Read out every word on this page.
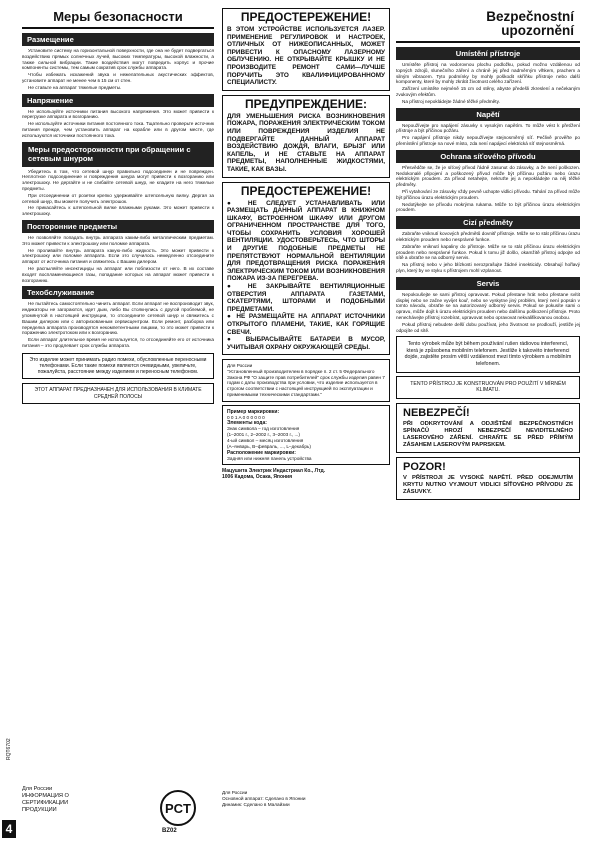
Меры безопасности
Размещение
Установите систему на горизонтальной поверхности, где она не будет подвергаться воздействию прямых солнечных лучей, высоких температуры, высокой влажности, а также сильной вибрации. Такие воздействия могут повредить корпус и прочие компоненты системы, тем самым сократив срок службы аппарата.
Чтобы избежать искажений звука и нежелательных акустических эффектов, установите аппарат не менее чем в 15 см от стен.
Не ставьте на аппарат тяжелые предметы.
Напряжение
Не используйте источники питания высокого напряжения. Это может привести к перегрузке аппарата и возгоранию.
Не используйте источники питания постоянного тока. Тщательно проверьте источник питания прежде, чем установить аппарат на корабле или в другом месте, где используются источники постоянного тока.
Меры предосторожности при обращении с сетевым шнуром
Убедитесь в том, что сетевой шнур правильно подсоединен и не поврежден. Неплотное подсоединение и повреждения шнура могут привести к возгоранию или электрошоку. Не дергайте и не сгибайте сетевой шнур, не кладите на него тяжелые предметы.
При отсоединении от розетки крепко удерживайте штепсельную вилку. Дергая за сетевой шнур, Вы можете получить электрошок.
Не прикасайтесь к штепсельной вилке влажными руками. Это может привести к электрошоку.
Посторонние предметы
Не позволяйте попадать внутрь аппарата каким-либо металлическим предметам. Это может привести к электрошоку или поломке аппарата.
Не проливайте внутрь аппарата какую-либо жидкость. Это может привести к электрошоку или поломке аппарата. Если это случилось немедленно отсоедините аппарат от источника питания и свяжитесь с Вашим дилером.
Не распыляйте инсектициды на аппарат или поблизости от него. В их составе входят воспламеняющиеся газы, попадание которых на аппарат может привести к возгоранию.
Техобслуживание
Не пытайтесь самостоятельно чинить аппарат. Если аппарат не воспроизводит звук, индикаторы не загораются, идет дым, либо Вы столкнулись с другой проблемой, не упомянутой в настоящей инструкции, то отсоедините сетевой шнур и свяжитесь с Вашим дилером или с авторизованным сервисцентром. Если ремонт, разборка или переделка аппарата производятся некомпетентными лицами, то это может привести к поражению электротоком или к возгоранию.
Если аппарат длительное время не используется, то отсоединяйте его от источника питания – это продлевает срок службы аппарата.
Это изделие может принимать радио помехи, обусловленные переносными телефонами. Если такие помехи являются очевидными, увеличьте, пожалуйста, расстояние между изделием и переносным телефоном.
ЭТОТ АППАРАТ ПРЕДНАЗНАЧЕН ДЛЯ ИСПОЛЬЗОВАНИЯ В КЛИМАТЕ СРЕДНЕЙ ПОЛОСЫ
RQT6702
4
Для России
ИНФОРМАЦИЯ О
СЕРТИФИКАЦИИ
ПРОДУКЦИИ	PCT
BZ02
ПРЕДОСТЕРЕЖЕНИЕ!
В ЭТОМ УСТРОЙСТВЕ ИСПОЛЬЗУЕТСЯ ЛАЗЕР. ПРИМЕНЕНИЕ РЕГУЛИРОВОК И НАСТРОЕК, ОТЛИЧНЫХ ОТ НИЖЕОПИСАННЫХ, МОЖЕТ ПРИВЕСТИ К ОПАСНОМУ ЛАЗЕРНОМУ ОБЛУЧЕНИЮ. НЕ ОТКРЫВАЙТЕ КРЫШКУ И НЕ ПРОИЗВОДИТЕ РЕМОНТ САМИ—ЛУЧШЕ ПОРУЧИТЬ ЭТО КВАЛИФИЦИРОВАННОМУ СПЕЦИАЛИСТУ.
ПРЕДУПРЕЖДЕНИЕ:
ДЛЯ УМЕНЬШЕНИЯ РИСКА ВОЗНИКНОВЕНИЯ ПОЖАРА, ПОРАЖЕНИЯ ЭЛЕКТРИЧЕСКИМ ТОКОМ ИЛИ ПОВРЕЖДЕНИЯ ИЗДЕЛИЯ НЕ ПОДВЕРГАЙТЕ ДАННЫЙ АППАРАТ ВОЗДЕЙСТВИЮ ДОЖДЯ, ВЛАГИ, БРЫЗГ ИЛИ КАПЕЛЬ, И НЕ СТАВЬТЕ НА АППАРАТ ПРЕДМЕТЫ, НАПОЛНЕННЫЕ ЖИДКОСТЯМИ, ТАКИЕ, КАК ВАЗЫ.
ПРЕДОСТЕРЕЖЕНИЕ!
● НЕ СЛЕДУЕТ УСТАНАВЛИВАТЬ ИЛИ РАЗМЕЩАТЬ ДАННЫЙ АППАРАТ В КНИЖНОМ ШКАФУ, ВСТРОЕННОМ ШКАФУ ИЛИ ДРУГОМ ОГРАНИЧЕННОМ ПРОСТРАНСТВЕ ДЛЯ ТОГО, ЧТОБЫ СОХРАНИТЬ УСЛОВИЯ ХОРОШЕЙ ВЕНТИЛЯЦИИ. УДОСТОВЕРЬТЕСЬ, ЧТО ШТОРЫ И ДРУГИЕ ПОДОБНЫЕ ПРЕДМЕТЫ НЕ ПРЕПЯТСТВУЮТ НОРМАЛЬНОЙ ВЕНТИЛЯЦИИ ДЛЯ ПРЕДОТВРАЩЕНИЯ РИСКА ПОРАЖЕНИЯ ЭЛЕКТРИЧЕСКИМ ТОКОМ ИЛИ ВОЗНИКНОВЕНИЯ ПОЖАРА ИЗ-ЗА ПЕРЕГРЕВА.
● НЕ ЗАКРЫВАЙТЕ ВЕНТИЛЯЦИОННЫЕ ОТВЕРСТИЯ АППАРАТА ГАЗЕТАМИ, СКАТЕРТЯМИ, ШТОРАМИ И ПОДОБНЫМИ ПРЕДМЕТАМИ.
● НЕ РАЗМЕЩАЙТЕ НА АППАРАТ ИСТОЧНИКИ ОТКРЫТОГО ПЛАМЕНИ, ТАКИЕ, КАК ГОРЯЩИЕ СВЕЧИ.
● ВЫБРАСЫВАЙТЕ БАТАРЕИ В МУСОР, УЧИТЫВАЯ ОХРАНУ ОКРУЖАЮЩЕЙ СРЕДЫ.
Для России
"Установленный производителем в порядке п. 2 ст. 5 Федерального Закона РФ "О защите прав потребителей" срок службы изделия равен 7 годам с даты производства при условии, что изделие используется в строгом соответствии с настоящей инструкцией по эксплуатации и применимыми техническими стандартами."
Пример маркировки:
0 0 1 A 0 0 0 0 0 0
Элементы кода:
Знак символа – год изготовления
(1–2001 г., 2–2002 г., 3–2003 г., ...)
4-ый символ – месяц изготовления
(А–январь, В–февраль, ..., L–декабрь)
Расположение маркировки:
Задняя или нижняя панель устройства
Мацушита Электрик Индастриал Ко., Лтд.
1006 Кадома, Осака, Япония
Для России
Основной аппарат: Сделано в Японии
Динамик: Сделано в Малайзии
Bezpečnostní
upozornění
Umístění přístroje
Umístěte přístroj na vodorovnou plochu podložku, pokud možno vzdálenou od topných zdrojů, slunečního záření a chráně jej před nadměrným vlhkem, prachem a silným vibracem. Tyto podmínky by mohly poškodit skříňku přístroje nebo další komponenty, které by mohly zkrátit životnost celého zařízení.
Zařízení umístěte nejméně 15 cm od stěny, abyste předešli zkreslení a nečekaným zvukovým efektům.
Na přístroj nepokládejte žádné těžké předměty.
Napětí
Nepoužívejte pro napájení zásuvky s vysokým napětím. To může vést k přetížení přístroje a být příčinou požáru.
Pro napájení přístroje nikdy nepoužívejte stejnosměrný síť. Pečlivě prověřte po přemístění přístroje na nové místo, zda není napájecí elektrická síť stejnosměrná.
Ochrana síťového přívodu
Přesvědčte se, že je síťový přívod řádně zasunut do zásuvky, a že není poškozen. Nedokonalé připojení a poškozený přívod může být příčinou požáru nebo úrazu elektrickým proudem. Za přívod netahejte, nekruťte jej a nepokládejte na něj těžké předměty.
Při vytahování ze zásuvky vždy pevně uchopte vidlici přívodu. Tahání za přívod může být příčinou úrazu elektrickým proudem.
Nedotýkejte se přívodu mokrýma rukama. Může to být příčinou úrazu elektrickým proudem.
Cizí předměty
Zabraňte vniknutí kovových předmětů dovnitř přístroje. Může se to stát příčinou úrazu elektrickým proudem nebo nesprávné funkce.
Zabraňte vniknutí kapaliny do přístroje. Může se to stát příčinou úrazu elektrickým proudem nebo nesprávné funkce. Pokud k tomu již došlo, okamžitě přístroj odpojte od sítě a obraťte se na odborný servis.
Na přístroj nebo v jeho blízkosti nerozprašujte žádné insekticidy. Obsahují hořlavý plyn, který by ve styku s přístrojem mohl vzplanout.
Servis
Nepokoušejte se sami přístroj opravovat. Pokud přestane hrát nebo přestane svítit displej nebo se začne vyvíjet kouř, nebo se vyskytne jiný problém, který není popsán v tomto návodu, obraťte se na autorizovaný odborný servis. Pokud se pokusíte sami o opravu, může dojít k úrazu elektrickým proudem nebo dalšímu poškození přístroje. Proto nenechávejte přístroj rozebírat, upravovat nebo opravovat nekvalifikovanou osobou.
Pokud přístroj nebudete delší dobu používat, jeho životnost se prodlouží, jestliže jej odpojíte od sítě.
Tento výrobek může být během používání rušen rádiovou interferencí, která je způsobena mobilním telefonem. Jestliže k takovéto interferenci dojde, zajistěte prosím větší vzdálenost mezi tímto výrobkem a mobilním telefonem.
TENTO PŘÍSTROJ JE KONSTRUOVÁN PRO POUŽITÍ V MÍRNÉM KLIMATU.
NEBEZPEČÍ!
PŘI ODKRYTOVÁNÍ A ODJIŠTĚNÍ BEZPEČNOSTNÍCH SPÍNAČŮ HROZÍ NEBEZPEČÍ NEVIDITELNÉHO LASEROVÉHO ZÁŘENÍ. CHRAŇTE SE PŘED PŘÍMÝM ZÁSAHEM LASEROVÝM PAPRSKEM.
POZOR!
V PŘÍSTROJI JE VYSOKÉ NAPĚTÍ. PŘED ODEJMUTÍM KRYTU NUTNO VYJMOUT VIDLICI SÍŤOVÉHO PŘÍVODU ZE ZÁSUVKY.
